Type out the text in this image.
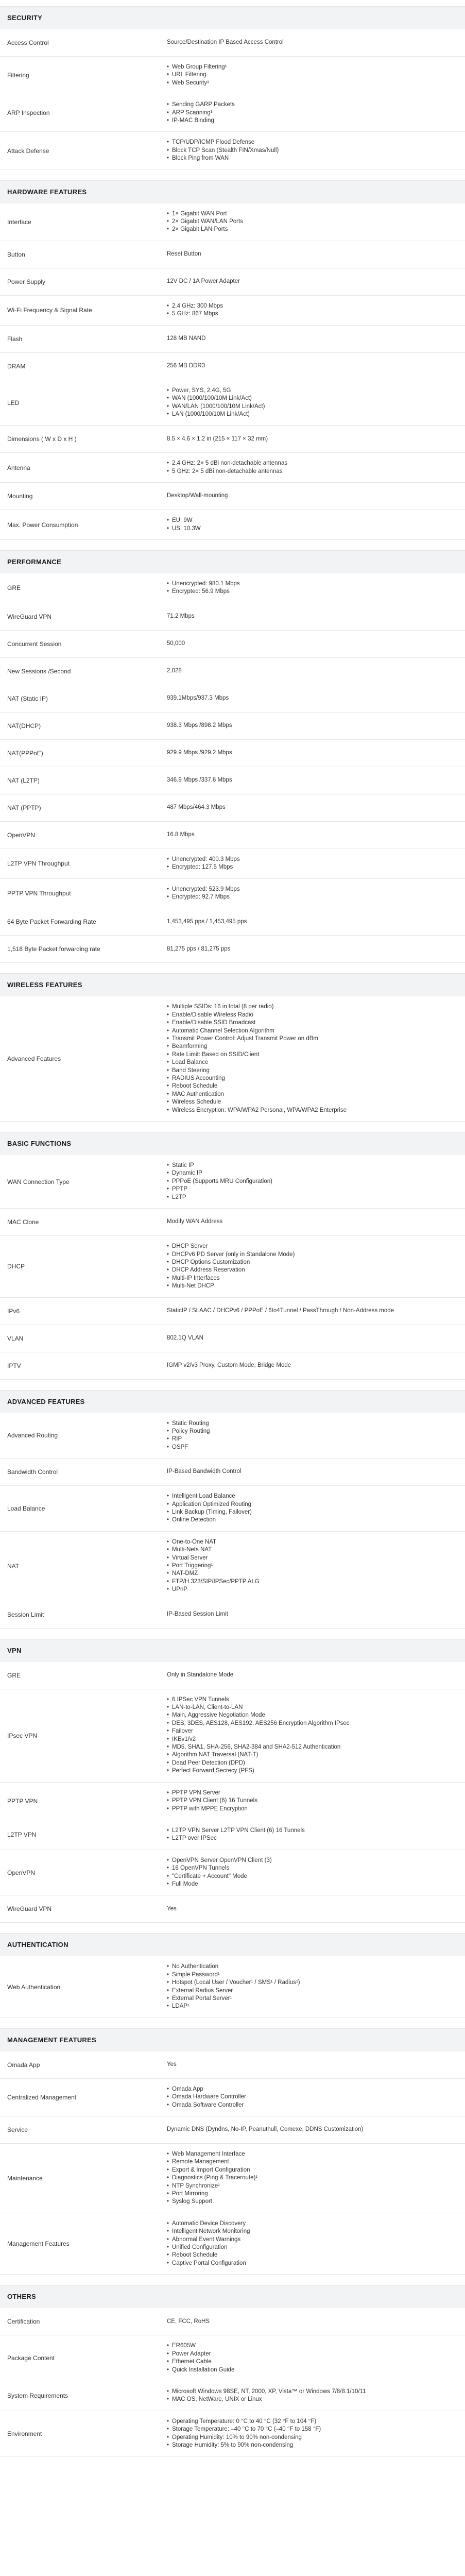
SECURITY
Access Control	Source/Destination IP Based Access Control
Filtering
• Web Group Filtering¹
• URL Filtering
• Web Security¹
ARP Inspection
• Sending GARP Packets
• ARP Scanning¹
• IP-MAC Binding
Attack Defense
• TCP/UDP/ICMP Flood Defense
• Block TCP Scan (Stealth FIN/Xmas/Null)
• Block Ping from WAN
HARDWARE FEATURES
Interface
• 1× Gigabit WAN Port
• 2× Gigabit WAN/LAN Ports
• 2× Gigabit LAN Ports
Button	Reset Button
Power Supply	12V DC / 1A Power Adapter
Wi-Fi Frequency & Signal Rate
• 2.4 GHz: 300 Mbps
• 5 GHz: 867 Mbps
Flash	128 MB NAND
DRAM	256 MB DDR3
LED
• Power, SYS, 2.4G, 5G
• WAN (1000/100/10M Link/Act)
• WAN/LAN (1000/100/10M Link/Act)
• LAN (1000/100/10M Link/Act)
Dimensions ( W x D x H )	8.5 × 4.6 × 1.2 in (215 × 117 × 32 mm)
Antenna
• 2.4 GHz: 2× 5 dBi non-detachable antennas
• 5 GHz: 2× 5 dBi non-detachable antennas
Mounting	Desktop/Wall-mounting
Max. Power Consumption
• EU: 9W
• US: 10.3W
PERFORMANCE
GRE
• Unencrypted: 980.1 Mbps
• Encrypted: 56.9 Mbps
WireGuard VPN	71.2 Mbps
Concurrent Session	50,000
New Sessions /Second	2,028
NAT (Static IP)	939.1Mbps/937.3 Mbps
NAT(DHCP)	938.3 Mbps /898.2 Mbps
NAT(PPPoE)	929.9 Mbps /929.2 Mbps
NAT (L2TP)	346.9 Mbps /337.6 Mbps
NAT (PPTP)	487 Mbps/464.3 Mbps
OpenVPN	16.8 Mbps
L2TP VPN Throughput
• Unencrypted: 400.3 Mbps
• Encrypted: 127.5 Mbps
PPTP VPN Throughput
• Unencrypted: 523.9 Mbps
• Encrypted: 92.7 Mbps
64 Byte Packet Forwarding Rate	1,453,495 pps / 1,453,495 pps
1,518 Byte Packet forwarding rate	81,275 pps / 81,275 pps
WIRELESS FEATURES
Advanced Features
• Multiple SSIDs: 16 in total (8 per radio)
• Enable/Disable Wireless Radio
• Enable/Disable SSID Broadcast
• Automatic Channel Selection Algorithm
• Transmit Power Control: Adjust Transmit Power on dBm
• Beamforming
• Rate Limit: Based on SSID/Client
• Load Balance
• Band Steering
• RADIUS Accounting
• Reboot Schedule
• MAC Authentication
• Wireless Schedule
• Wireless Encryption: WPA/WPA2 Personal, WPA/WPA2 Enterprise
BASIC FUNCTIONS
WAN Connection Type
• Static IP
• Dynamic IP
• PPPoE (Supports MRU Configuration)
• PPTP
• L2TP
MAC Clone	Modify WAN Address
DHCP
• DHCP Server
• DHCPv6 PD Server (only in Standalone Mode)
• DHCP Options Customization
• DHCP Address Reservation
• Multi-IP Interfaces
• Multi-Net DHCP
IPv6	StaticIP / SLAAC / DHCPv6 / PPPoE / 6to4Tunnel / PassThrough / Non-Address mode
VLAN	802.1Q VLAN
IPTV	IGMP v2/v3 Proxy, Custom Mode, Bridge Mode
ADVANCED FEATURES
Advanced Routing
• Static Routing
• Policy Routing
• RIP
• OSPF
Bandwidth Control	IP-Based Bandwidth Control
Load Balance
• Intelligent Load Balance
• Application Optimized Routing
• Link Backup (Timing, Failover)
• Online Detection
NAT
• One-to-One NAT
• Multi-Nets NAT
• Virtual Server
• Port Triggering¹
• NAT-DMZ
• FTP/H.323/SIP/IPSec/PPTP ALG
• UPnP
Session Limit	IP-Based Session Limit
VPN
GRE	Only in Standalone Mode
IPsec VPN
• 6 IPSec VPN Tunnels
• LAN-to-LAN, Client-to-LAN
• Main, Aggressive Negotiation Mode
• DES, 3DES, AES128, AES192, AES256 Encryption Algorithm IPsec
• Failover
• IKEv1/v2
• MD5, SHA1, SHA-256, SHA2-384 and SHA2-512 Authentication
• Algorithm NAT Traversal (NAT-T)
• Dead Peer Detection (DPD)
• Perfect Forward Secrecy (PFS)
PPTP VPN
• PPTP VPN Server
• PPTP VPN Client (6) 16 Tunnels
• PPTP with MPPE Encryption
L2TP VPN
• L2TP VPN Server L2TP VPN Client (6) 16 Tunnels
• L2TP over IPSec
OpenVPN
• OpenVPN Server OpenVPN Client (3)
• 16 OpenVPN Tunnels
• "Certificate + Account" Mode
• Full Mode
WireGuard VPN	Yes
AUTHENTICATION
Web Authentication
• No Authentication
• Simple Password¹
• Hotspot (Local User / Voucher¹ / SMS¹ / Radius¹)
• External Radius Server
• External Portal Server¹
• LDAP¹
MANAGEMENT FEATURES
Omada App	Yes
Centralized Management
• Omada App
• Omada Hardware Controller
• Omada Software Controller
Service	Dynamic DNS (Dyndns, No-IP, Peanuthull, Comexe, DDNS Customization)
Maintenance
• Web Management Interface
• Remote Management
• Export & Import Configuration
• Diagnostics (Ping & Traceroute)¹
• NTP Synchronize¹
• Port Mirroring
• Syslog Support
Management Features
• Automatic Device Discovery
• Intelligent Network Monitoring
• Abnormal Event Warnings
• Unified Configuration
• Reboot Schedule
• Captive Portal Configuration
OTHERS
Certification	CE, FCC, RoHS
Package Content
• ER605W
• Power Adapter
• Ethernet Cable
• Quick Installation Guide
System Requirements
• Microsoft Windows 98SE, NT, 2000, XP, Vista™ or Windows 7/8/8.1/10/11
• MAC OS, NetWare, UNIX or Linux
Environment
• Operating Temperature: 0 °C to 40 °C (32 °F to 104 °F)
• Storage Temperature: –40 °C to 70 °C (–40 °F to 158 °F)
• Operating Humidity: 10% to 90% non-condensing
• Storage Humidity: 5% to 90% non-condensing
